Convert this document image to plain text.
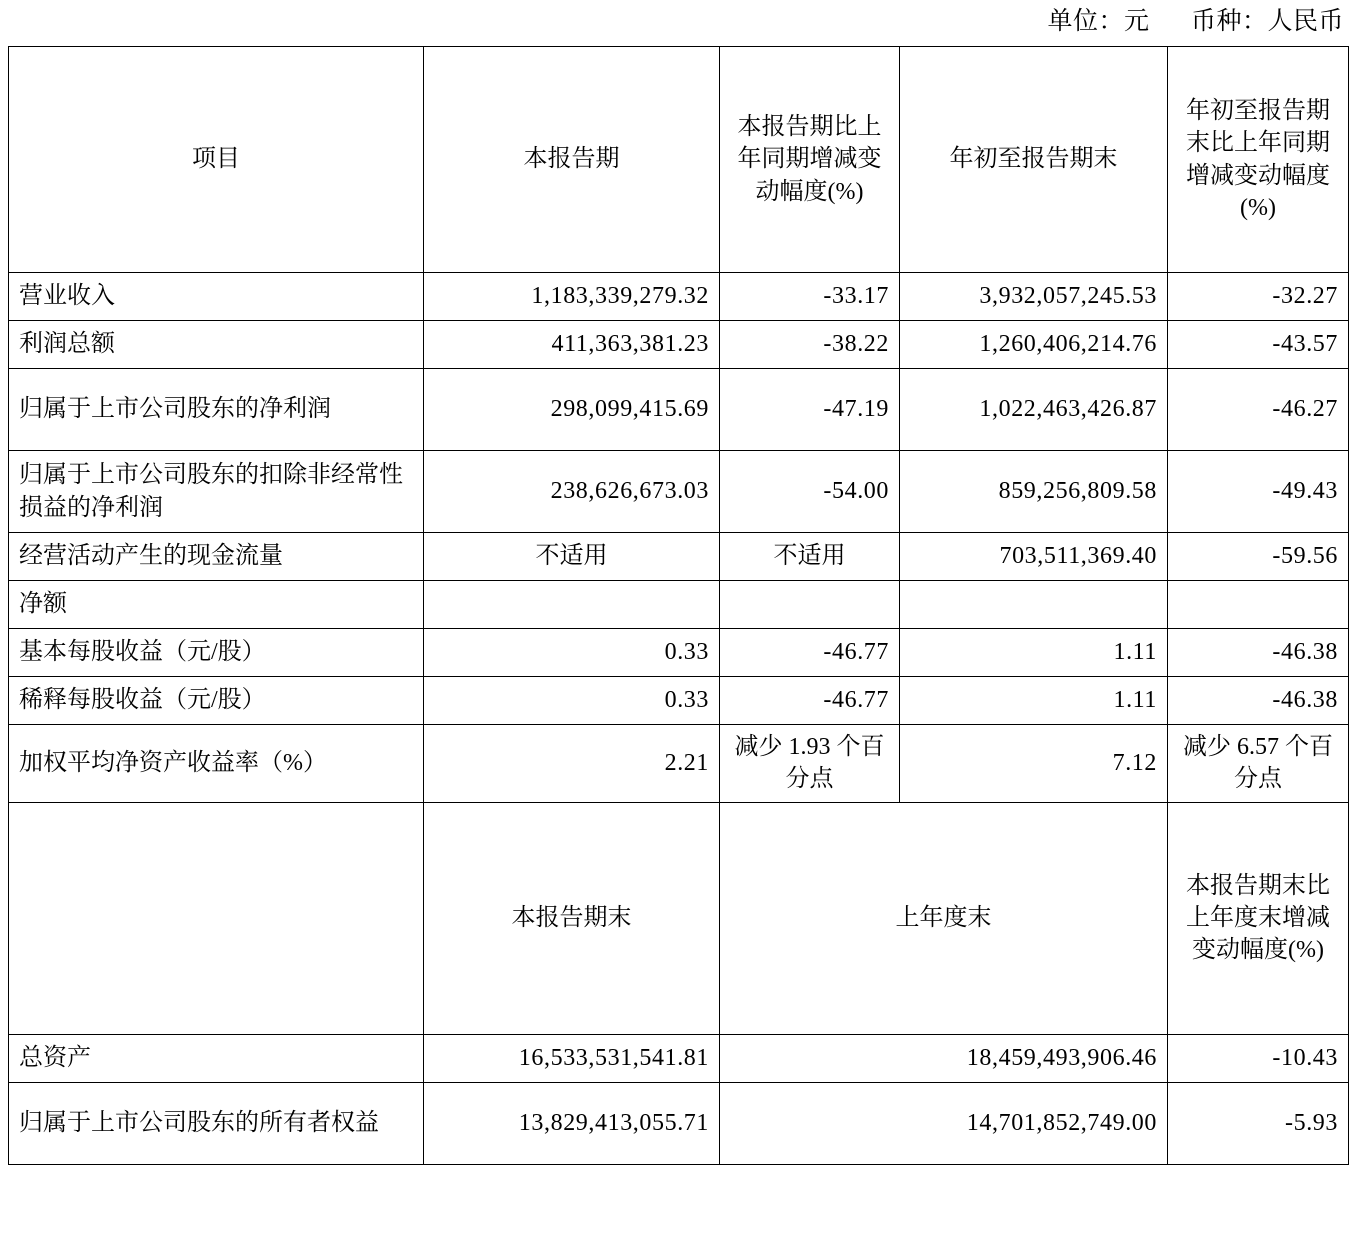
单位：元 币种：人民币
项目	本报告期	本报告期比上年同期增减变动幅度(%)	年初至报告期末	年初至报告期末比上年同期增减变动幅度(%)
营业收入	1,183,339,279.32	-33.17	3,932,057,245.53	-32.27
利润总额	411,363,381.23	-38.22	1,260,406,214.76	-43.57
归属于上市公司股东的净利润	298,099,415.69	-47.19	1,022,463,426.87	-46.27
归属于上市公司股东的扣除非经常性损益的净利润	238,626,673.03	-54.00	859,256,809.58	-49.43
经营活动产生的现金流量	不适用	不适用	703,511,369.40	-59.56
净额				
基本每股收益（元/股）	0.33	-46.77	1.11	-46.38
稀释每股收益（元/股）	0.33	-46.77	1.11	-46.38
加权平均净资产收益率（%）	2.21	减少 1.93 个百分点	7.12	减少 6.57 个百分点
	本报告期末	上年度末		本报告期末比上年度末增减变动幅度(%)
总资产	16,533,531,541.81	18,459,493,906.46		-10.43
归属于上市公司股东的所有者权益	13,829,413,055.71	14,701,852,749.00		-5.93
